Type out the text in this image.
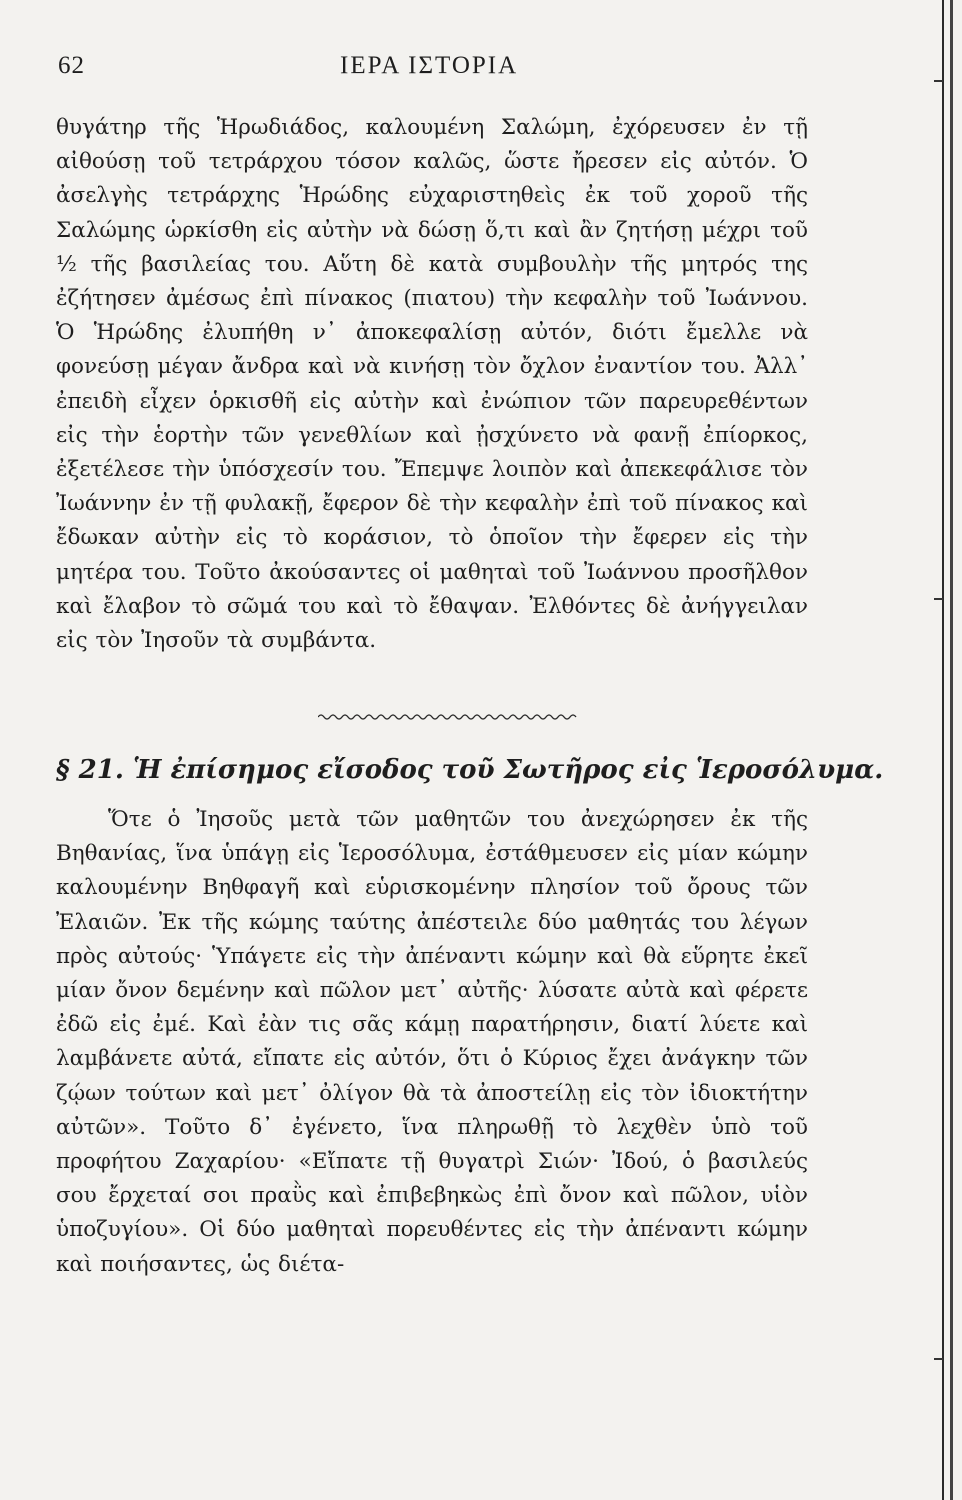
62	ΙΕΡΑ ΙΣΤΟΡΙΑ

θυγάτηρ τῆς Ἡρωδιάδος, καλουμένη Σαλώμη, ἐχόρευσεν ἐν τῇ αἰθούσῃ τοῦ τετράρχου τόσον καλῶς, ὥστε ἤρεσεν εἰς αὐτόν. Ὁ ἀσελγὴς τετράρχης Ἡρώδης εὐχαριστηθεὶς ἐκ τοῦ χοροῦ τῆς Σαλώμης ὡρκίσθη εἰς αὐτὴν νὰ δώσῃ ὅ,τι καὶ ἂν ζητήσῃ μέχρι τοῦ ½ τῆς βασιλείας του. Αὕτη δὲ κατὰ συμβουλὴν τῆς μητρός της ἐζήτησεν ἀμέσως ἐπὶ πίνακος (πιατου) τὴν κεφαλὴν τοῦ Ἰωάννου. Ὁ Ἡρώδης ἐλυπήθη ν᾿ ἀποκεφαλίσῃ αὐτόν, διότι ἔμελλε νὰ φονεύσῃ μέγαν ἄνδρα καὶ νὰ κινήσῃ τὸν ὄχλον ἐναντίον του. Ἀλλ᾿ ἐπειδὴ εἶχεν ὁρκισθῆ εἰς αὐτὴν καὶ ἐνώπιον τῶν παρευρεθέντων εἰς τὴν ἑορτὴν τῶν γενεθλίων καὶ ᾐσχύνετο νὰ φανῇ ἐπίορκος, ἐξετέλεσε τὴν ὑπόσχεσίν του. Ἔπεμψε λοιπὸν καὶ ἀπεκεφάλισε τὸν Ἰωάννην ἐν τῇ φυλακῇ, ἔφερον δὲ τὴν κεφαλὴν ἐπὶ τοῦ πίνακος καὶ ἔδωκαν αὐτὴν εἰς τὸ κοράσιον, τὸ ὁποῖον τὴν ἔφερεν εἰς τὴν μητέρα του. Τοῦτο ἀκούσαντες οἱ μαθηταὶ τοῦ Ἰωάννου προσῆλθον καὶ ἔλαβον τὸ σῶμά του καὶ τὸ ἔθαψαν. Ἐλθόντες δὲ ἀνήγγειλαν εἰς τὸν Ἰησοῦν τὰ συμβάντα.

§ 21. Ἡ ἐπίσημος εἴσοδος τοῦ Σωτῆρος εἰς Ἱεροσόλυμα.

Ὅτε ὁ Ἰησοῦς μετὰ τῶν μαθητῶν του ἀνεχώρησεν ἐκ τῆς Βηθανίας, ἵνα ὑπάγῃ εἰς Ἱεροσόλυμα, ἐστάθμευσεν εἰς μίαν κώμην καλουμένην Βηθφαγῆ καὶ εὑρισκομένην πλησίον τοῦ ὄρους τῶν Ἐλαιῶν. Ἐκ τῆς κώμης ταύτης ἀπέστειλε δύο μαθητάς του λέγων πρὸς αὐτούς· Ὑπάγετε εἰς τὴν ἀπέναντι κώμην καὶ θὰ εὕρητε ἐκεῖ μίαν ὄνον δεμένην καὶ πῶλον μετ᾿ αὐτῆς· λύσατε αὐτὰ καὶ φέρετε ἐδῶ εἰς ἐμέ. Καὶ ἐὰν τις σᾶς κάμῃ παρατήρησιν, διατί λύετε καὶ λαμβάνετε αὐτά, εἴπατε εἰς αὐτόν, ὅτι ὁ Κύριος ἔχει ἀνάγκην τῶν ζῴων τούτων καὶ μετ᾿ ὀλίγον θὰ τὰ ἀποστείλῃ εἰς τὸν ἰδιοκτήτην αὐτῶν». Τοῦτο δ᾿ ἐγένετο, ἵνα πληρωθῇ τὸ λεχθὲν ὑπὸ τοῦ προφήτου Ζαχαρίου· «Εἴπατε τῇ θυγατρὶ Σιών· Ἰδού, ὁ βασιλεύς σου ἔρχεταί σοι πραῢς καὶ ἐπιβεβηκὼς ἐπὶ ὄνον καὶ πῶλον, υἱὸν ὑποζυγίου». Οἱ δύο μαθηταὶ πορευθέντες εἰς τὴν ἀπέναντι κώμην καὶ ποιήσαντες, ὡς διέτα-
